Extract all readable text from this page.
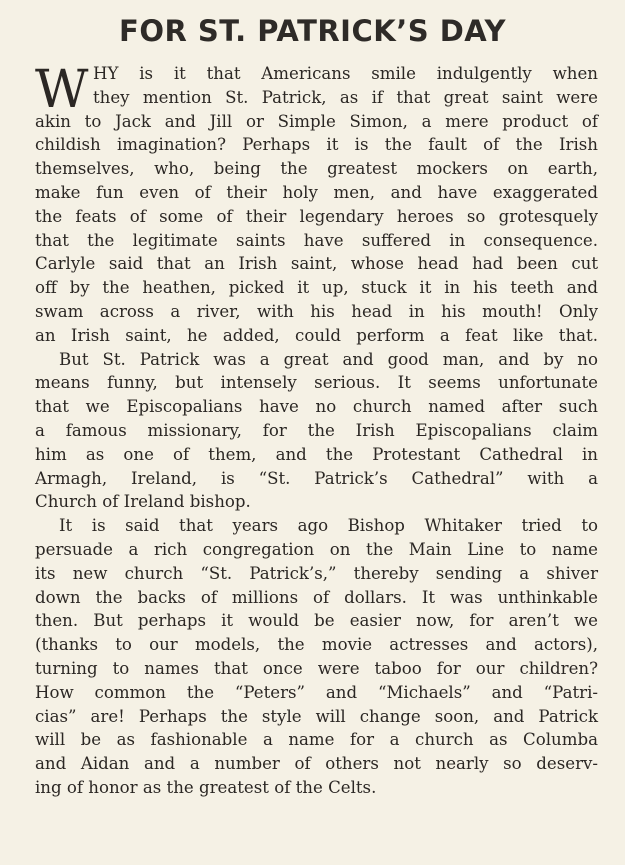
FOR ST. PATRICK’S DAY
W HY is it that Americans smile indulgently when
they mention St. Patrick, as if that great saint were
akin to Jack and Jill or Simple Simon, a mere product of
childish imagination? Perhaps it is the fault of the Irish
themselves, who, being the greatest mockers on earth,
make fun even of their holy men, and have exaggerated
the feats of some of their legendary heroes so grotesquely
that the legitimate saints have suffered in consequence.
Carlyle said that an Irish saint, whose head had been cut
off by the heathen, picked it up, stuck it in his teeth and
swam across a river, with his head in his mouth! Only
an Irish saint, he added, could perform a feat like that.
But St. Patrick was a great and good man, and by no
means funny, but intensely serious. It seems unfortunate
that we Episcopalians have no church named after such
a famous missionary, for the Irish Episcopalians claim
him as one of them, and the Protestant Cathedral in
Armagh, Ireland, is “St. Patrick’s Cathedral” with a
Church of Ireland bishop.
It is said that years ago Bishop Whitaker tried to
persuade a rich congregation on the Main Line to name
its new church “St. Patrick’s,” thereby sending a shiver
down the backs of millions of dollars. It was unthinkable
then. But perhaps it would be easier now, for aren’t we
(thanks to our models, the movie actresses and actors),
turning to names that once were taboo for our children?
How common the “Peters” and “Michaels” and “Patri-
cias” are! Perhaps the style will change soon, and Patrick
will be as fashionable a name for a church as Columba
and Aidan and a number of others not nearly so deserv-
ing of honor as the greatest of the Celts.
